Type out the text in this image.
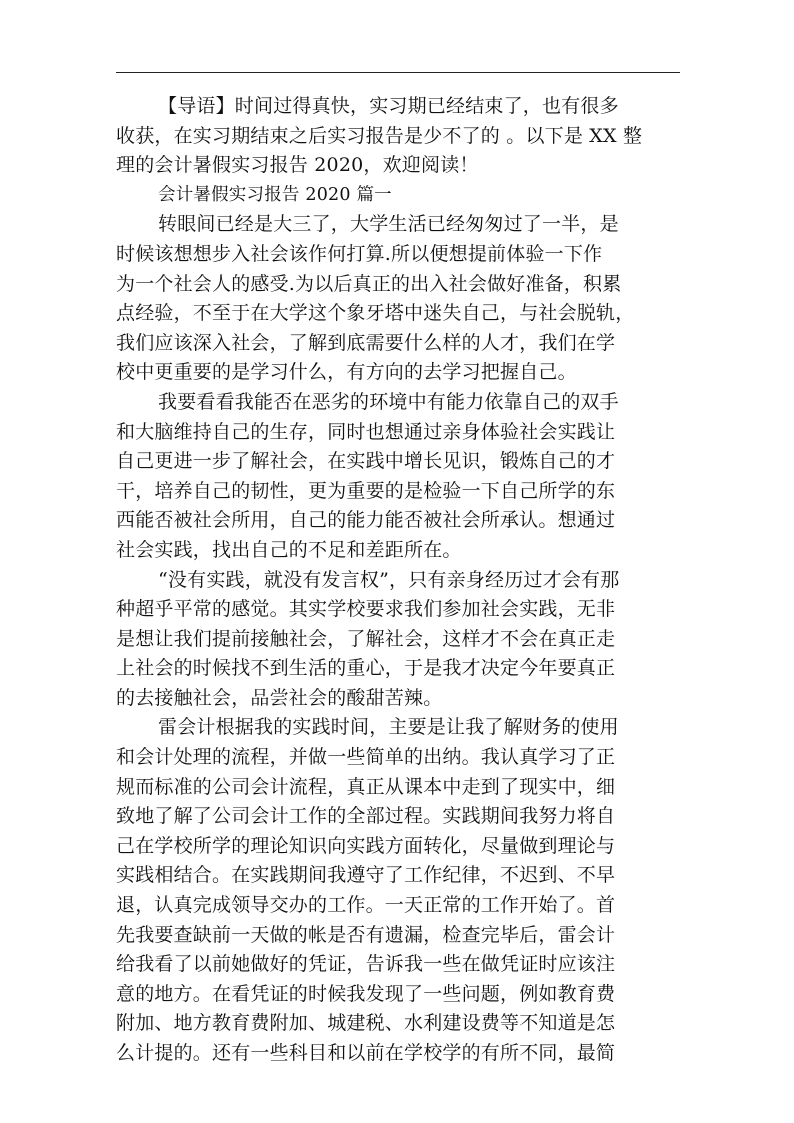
【导语】时间过得真快，实习期已经结束了，也有很多
收获，在实习期结束之后实习报告是少不了的 。以下是 XX 整
理的会计暑假实习报告 2020，欢迎阅读！
会计暑假实习报告 2020 篇一
转眼间已经是大三了，大学生活已经匆匆过了一半，是
时候该想想步入社会该作何打算.所以便想提前体验一下作
为一个社会人的感受.为以后真正的出入社会做好准备，积累
点经验，不至于在大学这个象牙塔中迷失自己，与社会脱轨，
我们应该深入社会，了解到底需要什么样的人才，我们在学
校中更重要的是学习什么，有方向的去学习把握自己。
我要看看我能否在恶劣的环境中有能力依靠自己的双手
和大脑维持自己的生存，同时也想通过亲身体验社会实践让
自己更进一步了解社会，在实践中增长见识，锻炼自己的才
干，培养自己的韧性，更为重要的是检验一下自己所学的东
西能否被社会所用，自己的能力能否被社会所承认。想通过
社会实践，找出自己的不足和差距所在。
“没有实践，就没有发言权”，只有亲身经历过才会有那
种超乎平常的感觉。其实学校要求我们参加社会实践，无非
是想让我们提前接触社会，了解社会，这样才不会在真正走
上社会的时候找不到生活的重心，于是我才决定今年要真正
的去接触社会，品尝社会的酸甜苦辣。
雷会计根据我的实践时间，主要是让我了解财务的使用
和会计处理的流程，并做一些简单的出纳。我认真学习了正
规而标准的公司会计流程，真正从课本中走到了现实中，细
致地了解了公司会计工作的全部过程。实践期间我努力将自
己在学校所学的理论知识向实践方面转化，尽量做到理论与
实践相结合。在实践期间我遵守了工作纪律，不迟到、不早
退，认真完成领导交办的工作。一天正常的工作开始了。首
先我要查缺前一天做的帐是否有遗漏，检查完毕后，雷会计
给我看了以前她做好的凭证，告诉我一些在做凭证时应该注
意的地方。在看凭证的时候我发现了一些问题，例如教育费
附加、地方教育费附加、城建税、水利建设费等不知道是怎
么计提的。还有一些科目和以前在学校学的有所不同，最简
